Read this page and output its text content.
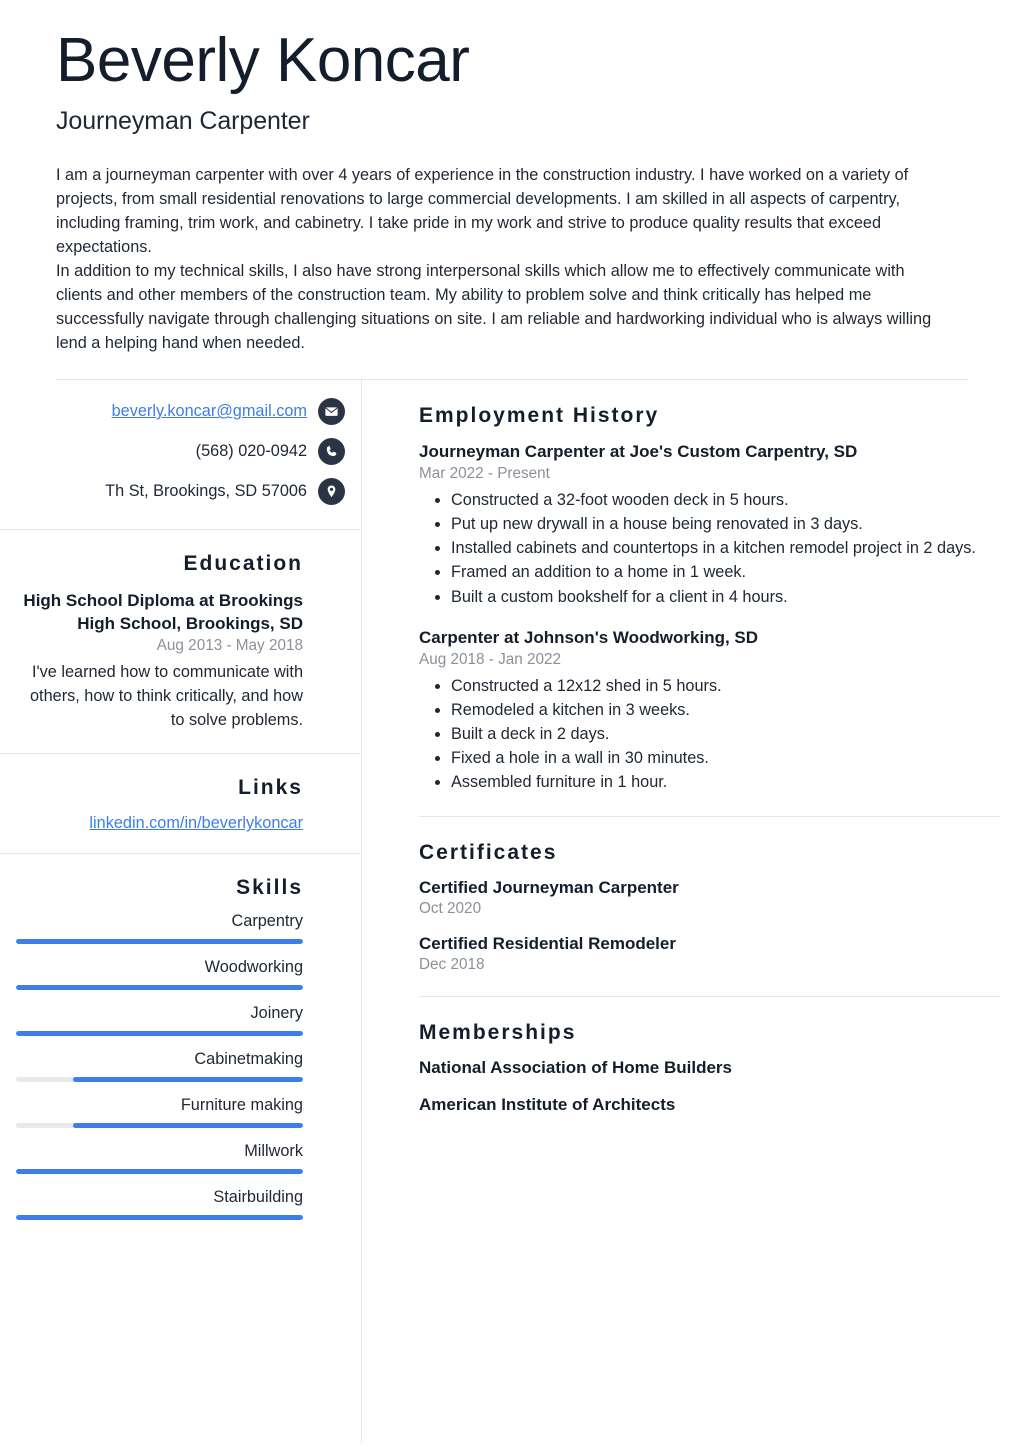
Beverly Koncar
Journeyman Carpenter

I am a journeyman carpenter with over 4 years of experience in the construction industry. I have worked on a variety of projects, from small residential renovations to large commercial developments. I am skilled in all aspects of carpentry, including framing, trim work, and cabinetry. I take pride in my work and strive to produce quality results that exceed expectations.

In addition to my technical skills, I also have strong interpersonal skills which allow me to effectively communicate with clients and other members of the construction team. My ability to problem solve and think critically has helped me successfully navigate through challenging situations on site. I am reliable and hardworking individual who is always willing lend a helping hand when needed.

beverly.koncar@gmail.com
(568) 020-0942
Th St, Brookings, SD 57006
Education
High School Diploma at Brookings High School, Brookings, SD
Aug 2013 - May 2018
I've learned how to communicate with others, how to think critically, and how to solve problems.
Links
linkedin.com/in/beverlykoncar
Skills
Carpentry
Woodworking
Joinery
Cabinetmaking
Furniture making
Millwork
Stairbuilding
Employment History
Journeyman Carpenter at Joe's Custom Carpentry, SD
Mar 2022 - Present
• Constructed a 32-foot wooden deck in 5 hours.
• Put up new drywall in a house being renovated in 3 days.
• Installed cabinets and countertops in a kitchen remodel project in 2 days.
• Framed an addition to a home in 1 week.
• Built a custom bookshelf for a client in 4 hours.
Carpenter at Johnson's Woodworking, SD
Aug 2018 - Jan 2022
• Constructed a 12x12 shed in 5 hours.
• Remodeled a kitchen in 3 weeks.
• Built a deck in 2 days.
• Fixed a hole in a wall in 30 minutes.
• Assembled furniture in 1 hour.
Certificates
Certified Journeyman Carpenter
Oct 2020
Certified Residential Remodeler
Dec 2018
Memberships
National Association of Home Builders
American Institute of Architects
